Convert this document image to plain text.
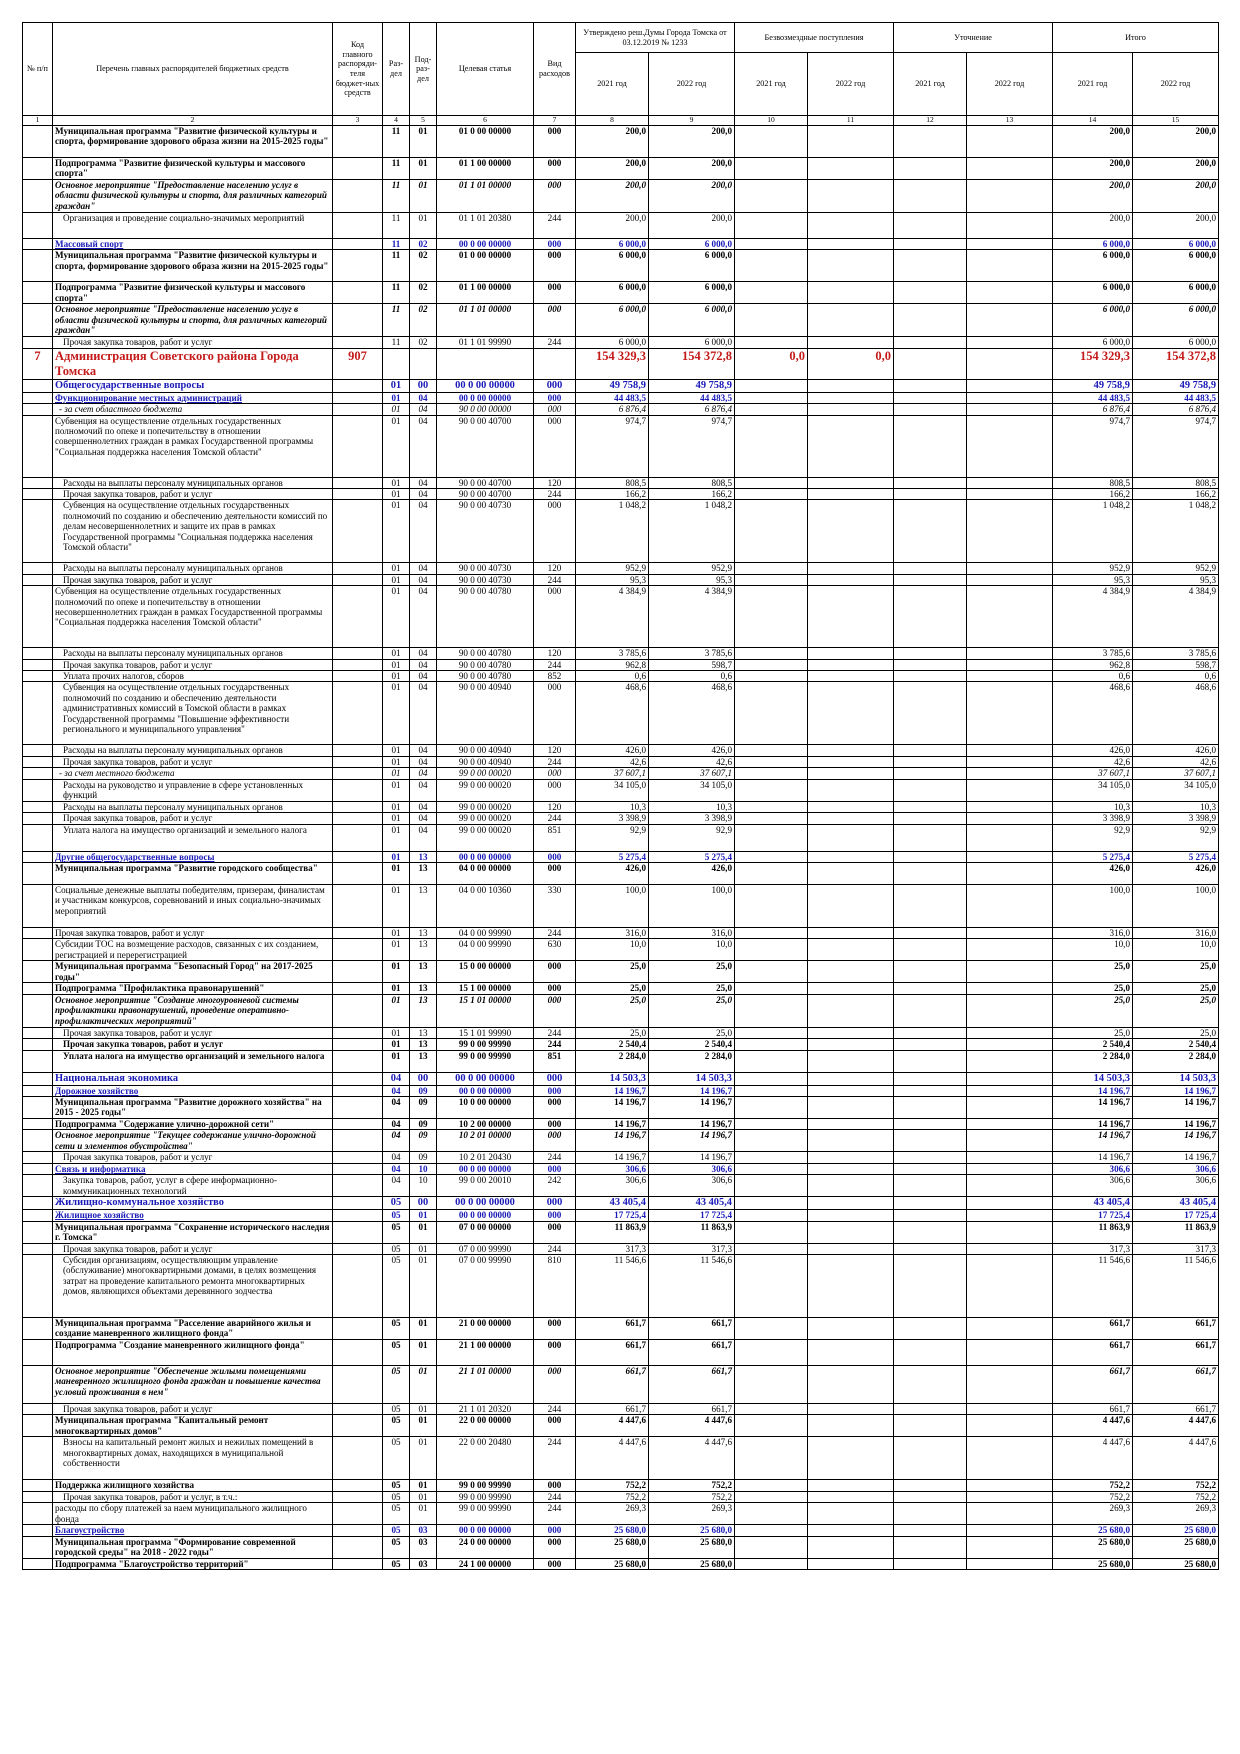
№ п/п	Перечень главных распорядителей бюджетных средств	Код главного распоряди-теля бюджет-ных средств	Раз-дел	Под-раз-дел	Целевая статья	Вид расходов	Утверждено реш.Думы Города Томска от 03.12.2019 № 1233		Безвозмездные поступления		Уточнение		Итого	
							2021 год	2022 год	2021 год	2022 год	2021 год	2022 год	2021 год	2022 год
1	2	3	4	5	6	7	8	9	10	11	12	13	14	15
	Муниципальная программа "Развитие физической культуры и спорта, формирование здорового образа жизни на 2015-2025 годы"		11	01	01 0 00 00000	000	200,0	200,0					200,0	200,0
	Подпрограмма "Развитие физической культуры и массового спорта"		11	01	01 1 00 00000	000	200,0	200,0					200,0	200,0
	Основное мероприятие "Предоставление населению услуг в области физической культуры и спорта, для различных категорий граждан"		11	01	01 1 01 00000	000	200,0	200,0					200,0	200,0
	Организация и проведение социально-значимых мероприятий		11	01	01 1 01 20380	244	200,0	200,0					200,0	200,0
	Массовый спорт		11	02	00 0 00 00000	000	6 000,0	6 000,0					6 000,0	6 000,0
	Муниципальная программа "Развитие физической культуры и спорта, формирование здорового образа жизни на 2015-2025 годы"		11	02	01 0 00 00000	000	6 000,0	6 000,0					6 000,0	6 000,0
	Подпрограмма "Развитие физической культуры и массового спорта"		11	02	01 1 00 00000	000	6 000,0	6 000,0					6 000,0	6 000,0
	Основное мероприятие "Предоставление населению услуг в области физической культуры и спорта, для различных категорий граждан"		11	02	01 1 01 00000	000	6 000,0	6 000,0					6 000,0	6 000,0
	Прочая закупка товаров, работ и услуг		11	02	01 1 01 99990	244	6 000,0	6 000,0					6 000,0	6 000,0
7	Администрация Советского района Города Томска	907					154 329,3	154 372,8	0,0	0,0			154 329,3	154 372,8
	Общегосударственные вопросы		01	00	00 0 00 00000	000	49 758,9	49 758,9					49 758,9	49 758,9
	Функционирование местных администраций		01	04	00 0 00 00000	000	44 483,5	44 483,5					44 483,5	44 483,5
	- за счет областного бюджета		01	04	90 0 00 00000	000	6 876,4	6 876,4					6 876,4	6 876,4
	Субвенция на осуществление отдельных государственных полномочий по опеке и попечительству в отношении совершеннолетних граждан в рамках Государственной программы "Социальная поддержка населения Томской области"		01	04	90 0 00 40700	000	974,7	974,7					974,7	974,7
	Расходы на выплаты персоналу муниципальных органов		01	04	90 0 00 40700	120	808,5	808,5					808,5	808,5
	Прочая закупка товаров, работ и услуг		01	04	90 0 00 40700	244	166,2	166,2					166,2	166,2
	Субвенция на осуществление отдельных государственных полномочий по созданию и обеспечению деятельности комиссий по делам несовершеннолетних и защите их прав в рамках Государственной программы "Социальная поддержка населения Томской области"		01	04	90 0 00 40730	000	1 048,2	1 048,2					1 048,2	1 048,2
	Расходы на выплаты персоналу муниципальных органов		01	04	90 0 00 40730	120	952,9	952,9					952,9	952,9
	Прочая закупка товаров, работ и услуг		01	04	90 0 00 40730	244	95,3	95,3					95,3	95,3
	Субвенция на осуществление отдельных государственных полномочий по опеке и попечительству в отношении несовершеннолетних граждан в рамках Государственной программы "Социальная поддержка населения Томской области"		01	04	90 0 00 40780	000	4 384,9	4 384,9					4 384,9	4 384,9
	Расходы на выплаты персоналу муниципальных органов		01	04	90 0 00 40780	120	3 785,6	3 785,6					3 785,6	3 785,6
	Прочая закупка товаров, работ и услуг		01	04	90 0 00 40780	244	962,8	598,7					962,8	598,7
	Уплата прочих налогов, сборов		01	04	90 0 00 40780	852	0,6	0,6					0,6	0,6
	Субвенция на осуществление отдельных государственных полномочий по созданию и обеспечению деятельности административных комиссий в Томской области в рамках Государственной программы "Повышение эффективности регионального и муниципального управления"		01	04	90 0 00 40940	000	468,6	468,6					468,6	468,6
	Расходы на выплаты персоналу муниципальных органов		01	04	90 0 00 40940	120	426,0	426,0					426,0	426,0
	Прочая закупка товаров, работ и услуг		01	04	90 0 00 40940	244	42,6	42,6					42,6	42,6
	- за счет местного бюджета		01	04	99 0 00 00020	000	37 607,1	37 607,1					37 607,1	37 607,1
	Расходы на руководство и управление в сфере установленных функций		01	04	99 0 00 00020	000	34 105,0	34 105,0					34 105,0	34 105,0
	Расходы на выплаты персоналу муниципальных органов		01	04	99 0 00 00020	120	10,3	10,3					10,3	10,3
	Прочая закупка товаров, работ и услуг		01	04	99 0 00 00020	244	3 398,9	3 398,9					3 398,9	3 398,9
	Уплата налога на имущество организаций и земельного налога		01	04	99 0 00 00020	851	92,9	92,9					92,9	92,9
	Другие общегосударственные вопросы		01	13	00 0 00 00000	000	5 275,4	5 275,4					5 275,4	5 275,4
	Муниципальная программа "Развитие городского сообщества"		01	13	04 0 00 00000	000	426,0	426,0					426,0	426,0
	Социальные денежные выплаты победителям, призерам, финалистам и участникам конкурсов, соревнований и иных социально-значимых мероприятий		01	13	04 0 00 10360	330	100,0	100,0					100,0	100,0
	Прочая закупка товаров, работ и услуг		01	13	04 0 00 99990	244	316,0	316,0					316,0	316,0
	Субсидии ТОС на возмещение расходов, связанных с их созданием, регистрацией и перерегистрацией		01	13	04 0 00 99990	630	10,0	10,0					10,0	10,0
	Муниципальная программа "Безопасный Город" на 2017-2025 годы"		01	13	15 0 00 00000	000	25,0	25,0					25,0	25,0
	Подпрограмма "Профилактика правонарушений"		01	13	15 1 00 00000	000	25,0	25,0					25,0	25,0
	Основное мероприятие "Создание многоуровневой системы профилактики правонарушений, проведение оперативно-профилактических мероприятий"		01	13	15 1 01 00000	000	25,0	25,0					25,0	25,0
	Прочая закупка товаров, работ и услуг		01	13	15 1 01 99990	244	25,0	25,0					25,0	25,0
	Прочая закупка товаров, работ и услуг		01	13	99 0 00 99990	244	2 540,4	2 540,4					2 540,4	2 540,4
	Уплата налога на имущество организаций и земельного налога		01	13	99 0 00 99990	851	2 284,0	2 284,0					2 284,0	2 284,0
	Национальная экономика		04	00	00 0 00 00000	000	14 503,3	14 503,3					14 503,3	14 503,3
	Дорожное хозяйство		04	09	00 0 00 00000	000	14 196,7	14 196,7					14 196,7	14 196,7
	Муниципальная программа "Развитие дорожного хозяйства" на 2015 - 2025 годы"		04	09	10 0 00 00000	000	14 196,7	14 196,7					14 196,7	14 196,7
	Подпрограмма "Содержание улично-дорожной сети"		04	09	10 2 00 00000	000	14 196,7	14 196,7					14 196,7	14 196,7
	Основное мероприятие "Текущее содержание улично-дорожной сети и элементов обустройства"		04	09	10 2 01 00000	000	14 196,7	14 196,7					14 196,7	14 196,7
	Прочая закупка товаров, работ и услуг		04	09	10 2 01 20430	244	14 196,7	14 196,7					14 196,7	14 196,7
	Связь и информатика		04	10	00 0 00 00000	000	306,6	306,6					306,6	306,6
	Закупка товаров, работ, услуг в сфере информационно-коммуникационных технологий		04	10	99 0 00 20010	242	306,6	306,6					306,6	306,6
	Жилищно-коммунальное хозяйство		05	00	00 0 00 00000	000	43 405,4	43 405,4					43 405,4	43 405,4
	Жилищное хозяйство		05	01	00 0 00 00000	000	17 725,4	17 725,4					17 725,4	17 725,4
	Муниципальная программа "Сохранение исторического наследия г. Томска"		05	01	07 0 00 00000	000	11 863,9	11 863,9					11 863,9	11 863,9
	Прочая закупка товаров, работ и услуг		05	01	07 0 00 99990	244	317,3	317,3					317,3	317,3
	Субсидия организациям, осуществляющим управление (обслуживание) многоквартирными домами, в целях возмещения затрат на проведение капитального ремонта многоквартирных домов, являющихся объектами деревянного зодчества		05	01	07 0 00 99990	810	11 546,6	11 546,6					11 546,6	11 546,6
	Муниципальная программа "Расселение аварийного жилья и создание маневренного жилищного фонда"		05	01	21 0 00 00000	000	661,7	661,7					661,7	661,7
	Подпрограмма "Создание маневренного жилищного фонда"		05	01	21 1 00 00000	000	661,7	661,7					661,7	661,7
	Основное мероприятие "Обеспечение жилыми помещениями маневренного жилищного фонда граждан и повышение качества условий проживания в нем"		05	01	21 1 01 00000	000	661,7	661,7					661,7	661,7
	Прочая закупка товаров, работ и услуг		05	01	21 1 01 20320	244	661,7	661,7					661,7	661,7
	Муниципальная программа "Капитальный ремонт многоквартирных домов"		05	01	22 0 00 00000	000	4 447,6	4 447,6					4 447,6	4 447,6
	Взносы на капитальный ремонт жилых и нежилых помещений в многоквартирных домах, находящихся в муниципальной собственности		05	01	22 0 00 20480	244	4 447,6	4 447,6					4 447,6	4 447,6
	Поддержка жилищного хозяйства		05	01	99 0 00 99990	000	752,2	752,2					752,2	752,2
	Прочая закупка товаров, работ и услуг, в т.ч.:		05	01	99 0 00 99990	244	752,2	752,2					752,2	752,2
	расходы по сбору платежей за наем муниципального жилищного фонда		05	01	99 0 00 99990	244	269,3	269,3					269,3	269,3
	Благоустройство		05	03	00 0 00 00000	000	25 680,0	25 680,0					25 680,0	25 680,0
	Муниципальная программа "Формирование современной городской среды" на 2018 - 2022 годы"		05	03	24 0 00 00000	000	25 680,0	25 680,0					25 680,0	25 680,0
	Подпрограмма "Благоустройство территорий"		05	03	24 1 00 00000	000	25 680,0	25 680,0					25 680,0	25 680,0
